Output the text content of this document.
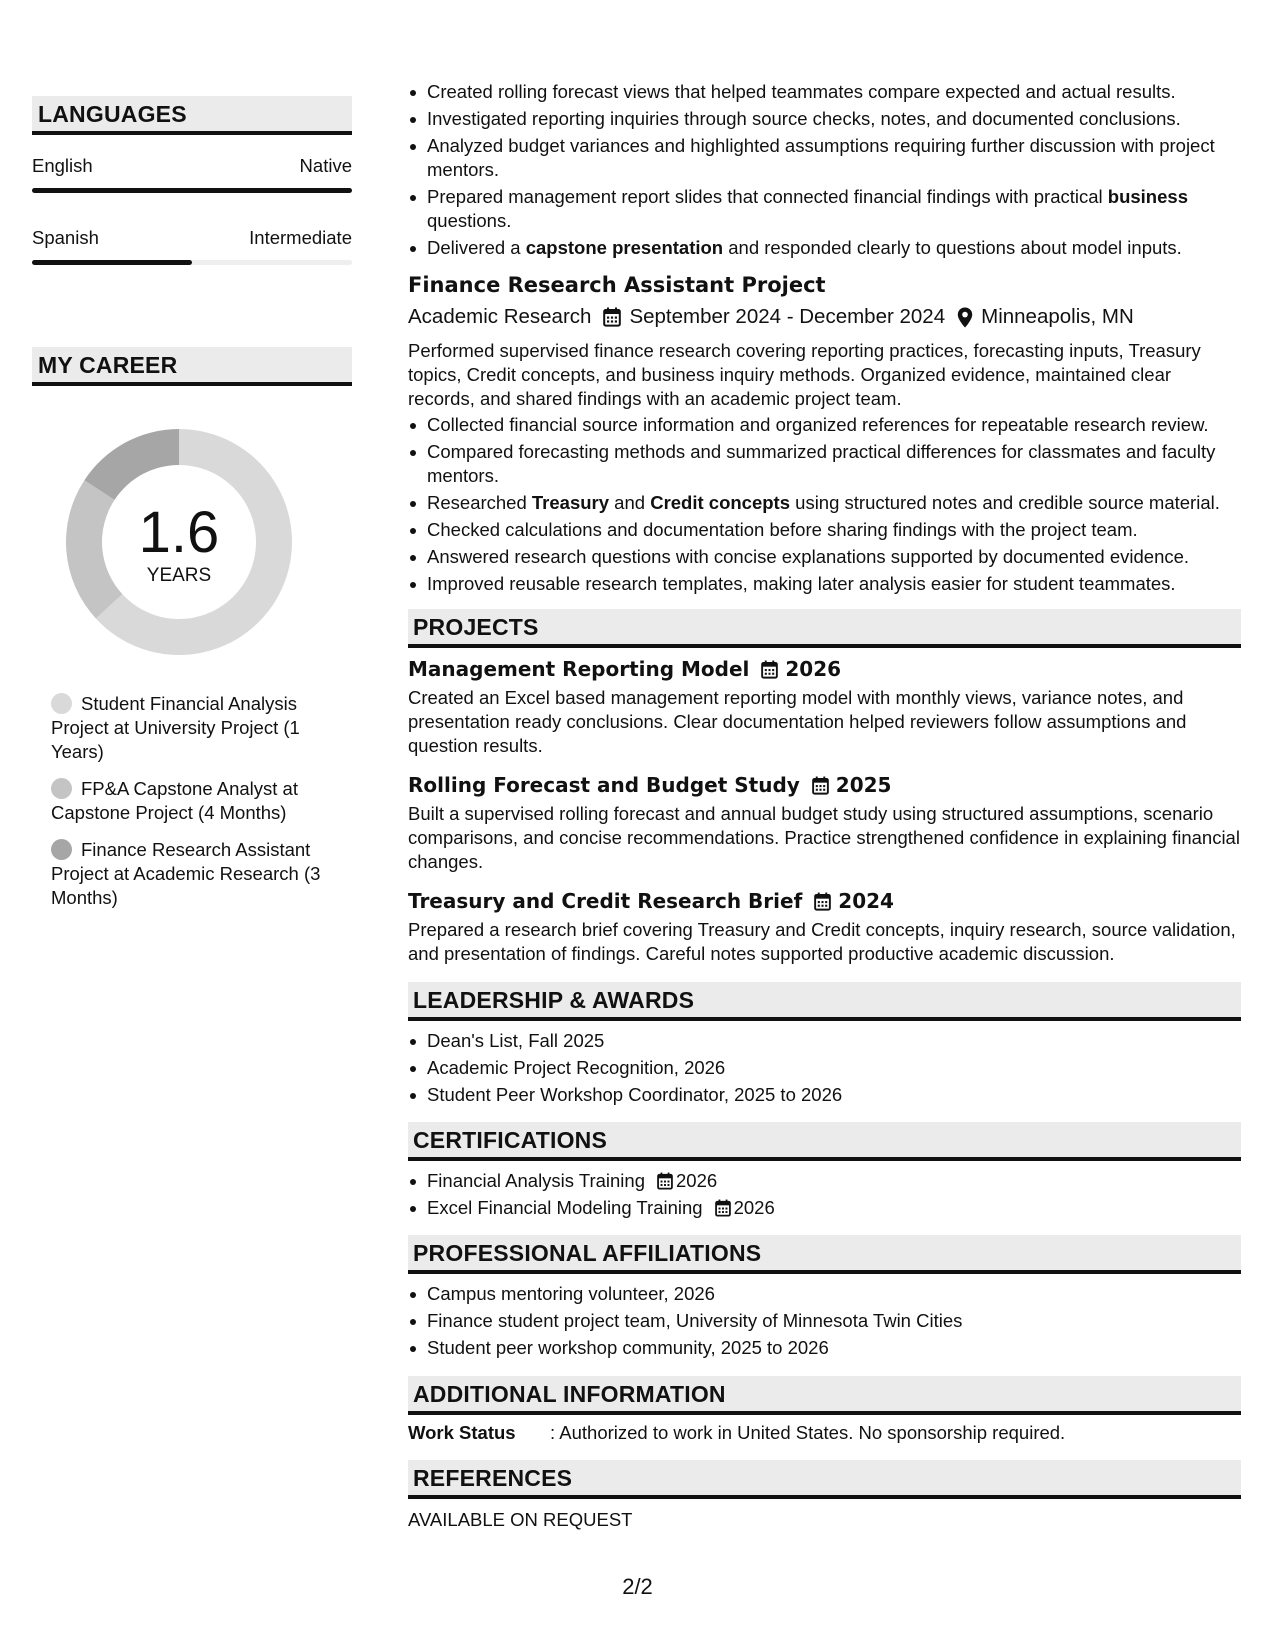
LANGUAGES
English	Native
Spanish	Intermediate
MY CAREER
1.6
YEARS
Student Financial Analysis Project at University Project (1 Years)
FP&A Capstone Analyst at Capstone Project (4 Months)
Finance Research Assistant Project at Academic Research (3 Months)
Created rolling forecast views that helped teammates compare expected and actual results.
Investigated reporting inquiries through source checks, notes, and documented conclusions.
Analyzed budget variances and highlighted assumptions requiring further discussion with project mentors.
Prepared management report slides that connected financial findings with practical business questions.
Delivered a capstone presentation and responded clearly to questions about model inputs.
Finance Research Assistant Project
Academic Research September 2024 - December 2024 Minneapolis, MN
Performed supervised finance research covering reporting practices, forecasting inputs, Treasury topics, Credit concepts, and business inquiry methods. Organized evidence, maintained clear records, and shared findings with an academic project team.
Collected financial source information and organized references for repeatable research review.
Compared forecasting methods and summarized practical differences for classmates and faculty mentors.
Researched Treasury and Credit concepts using structured notes and credible source material.
Checked calculations and documentation before sharing findings with the project team.
Answered research questions with concise explanations supported by documented evidence.
Improved reusable research templates, making later analysis easier for student teammates.
PROJECTS
Management Reporting Model 2026
Created an Excel based management reporting model with monthly views, variance notes, and presentation ready conclusions. Clear documentation helped reviewers follow assumptions and question results.
Rolling Forecast and Budget Study 2025
Built a supervised rolling forecast and annual budget study using structured assumptions, scenario comparisons, and concise recommendations. Practice strengthened confidence in explaining financial changes.
Treasury and Credit Research Brief 2024
Prepared a research brief covering Treasury and Credit concepts, inquiry research, source validation, and presentation of findings. Careful notes supported productive academic discussion.
LEADERSHIP & AWARDS
Dean's List, Fall 2025
Academic Project Recognition, 2026
Student Peer Workshop Coordinator, 2025 to 2026
CERTIFICATIONS
Financial Analysis Training 2026
Excel Financial Modeling Training 2026
PROFESSIONAL AFFILIATIONS
Campus mentoring volunteer, 2026
Finance student project team, University of Minnesota Twin Cities
Student peer workshop community, 2025 to 2026
ADDITIONAL INFORMATION
Work Status	: Authorized to work in United States. No sponsorship required.
REFERENCES
AVAILABLE ON REQUEST
2/2
